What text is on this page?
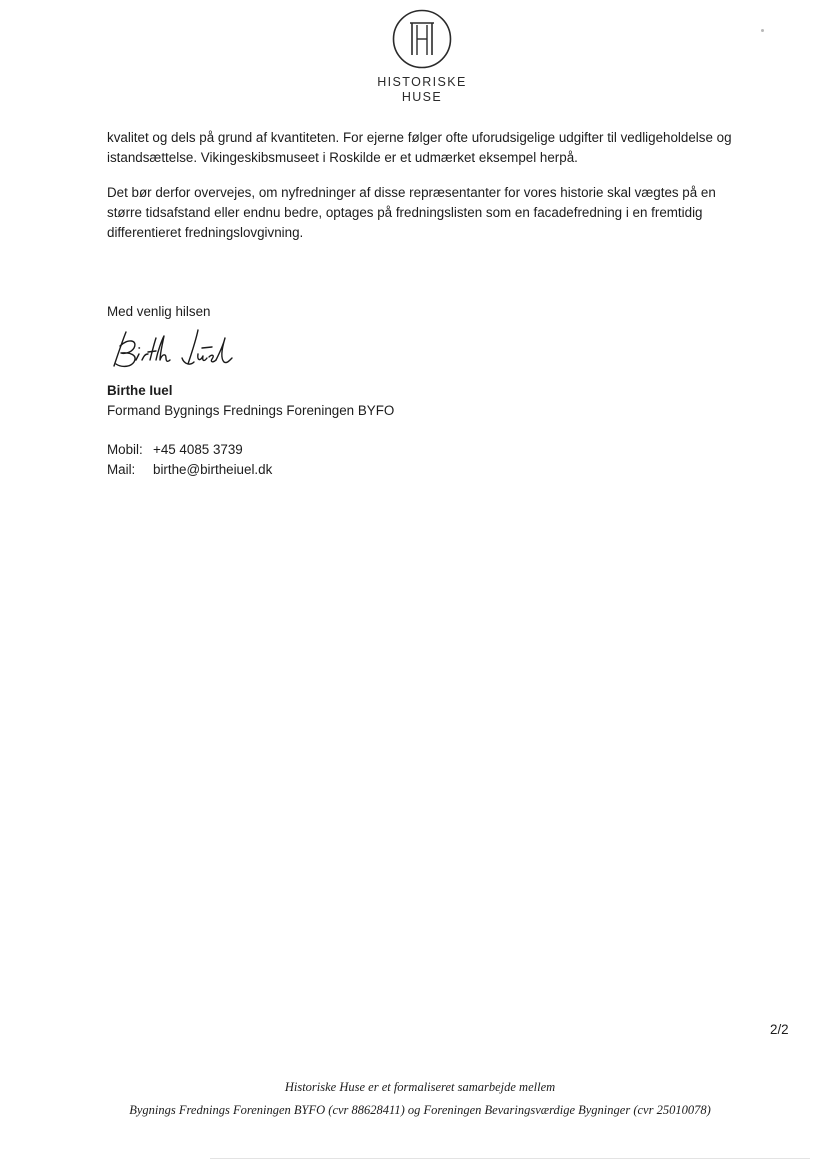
HISTORISKE
HUSE

kvalitet og dels på grund af kvantiteten. For ejerne følger ofte uforudsigelige udgifter til vedligeholdelse og istandsættelse. Vikingeskibsmuseet i Roskilde er et udmærket eksempel herpå.

Det bør derfor overvejes, om nyfredninger af disse repræsentanter for vores historie skal vægtes på en større tidsafstand eller endnu bedre, optages på fredningslisten som en facadefredning i en fremtidig differentieret fredningslovgivning.

Med venlig hilsen
Birthe Iuel
Formand Bygnings Frednings Foreningen BYFO
Mobil: +45 4085 3739
Mail: birthe@birtheiuel.dk
2/2
Historiske Huse er et formaliseret samarbejde mellem
Bygnings Frednings Foreningen BYFO (cvr 88628411) og Foreningen Bevaringsværdige Bygninger (cvr 25010078)
